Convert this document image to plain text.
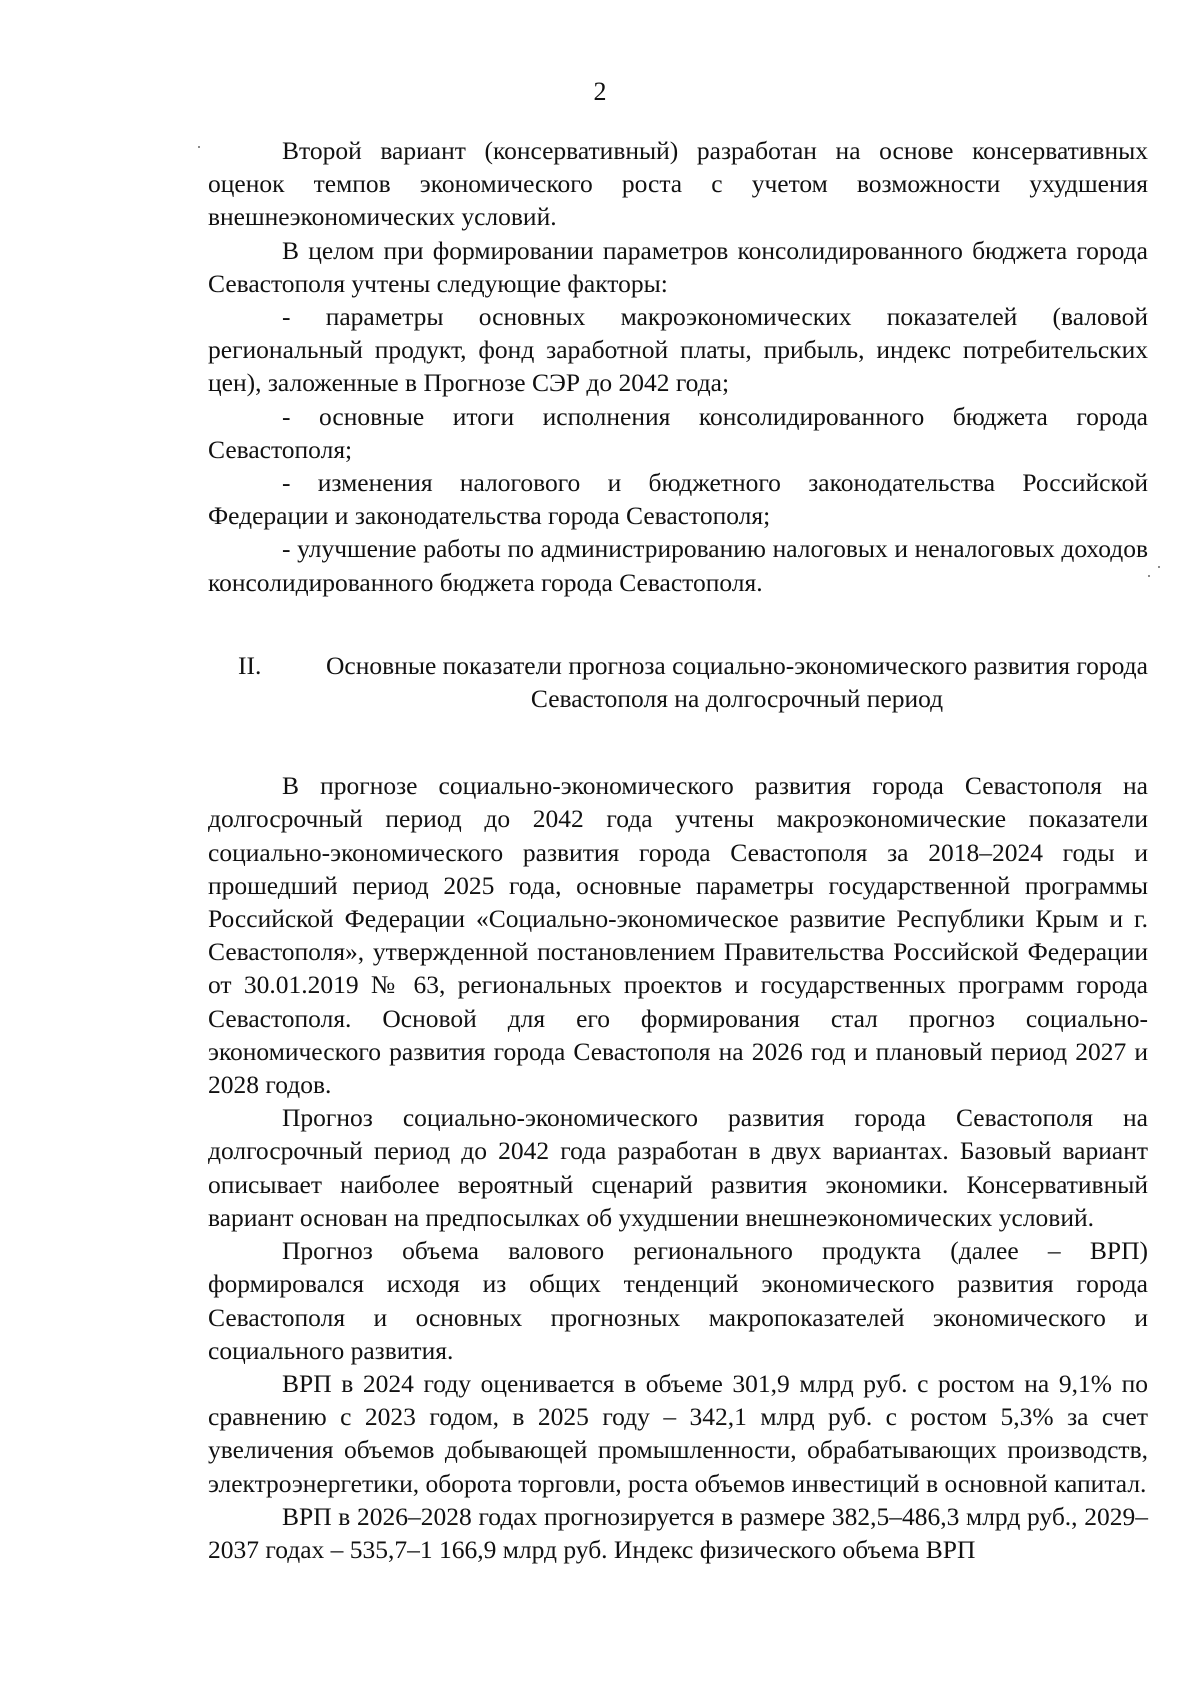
2

Второй вариант (консервативный) разработан на основе консервативных оценок темпов экономического роста с учетом возможности ухудшения внешнеэкономических условий.

В целом при формировании параметров консолидированного бюджета города Севастополя учтены следующие факторы:

- параметры основных макроэкономических показателей (валовой региональный продукт, фонд заработной платы, прибыль, индекс потребительских цен), заложенные в Прогнозе СЭР до 2042 года;

- основные итоги исполнения консолидированного бюджета города Севастополя;

- изменения налогового и бюджетного законодательства Российской Федерации и законодательства города Севастополя;

- улучшение работы по администрированию налоговых и неналоговых доходов консолидированного бюджета города Севастополя.

II.	Основные показатели прогноза социально-экономического развития города Севастополя на долгосрочный период

В прогнозе социально-экономического развития города Севастополя на долгосрочный период до 2042 года учтены макроэкономические показатели социально-экономического развития города Севастополя за 2018–2024 годы и прошедший период 2025 года, основные параметры государственной программы Российской Федерации «Социально-экономическое развитие Республики Крым и г. Севастополя», утвержденной постановлением Правительства Российской Федерации от 30.01.2019 № 63, региональных проектов и государственных программ города Севастополя. Основой для его формирования стал прогноз социально-экономического развития города Севастополя на 2026 год и плановый период 2027 и 2028 годов.

Прогноз социально-экономического развития города Севастополя на долгосрочный период до 2042 года разработан в двух вариантах. Базовый вариант описывает наиболее вероятный сценарий развития экономики. Консервативный вариант основан на предпосылках об ухудшении внешнеэкономических условий.

Прогноз объема валового регионального продукта (далее – ВРП) формировался исходя из общих тенденций экономического развития города Севастополя и основных прогнозных макропоказателей экономического и социального развития.

ВРП в 2024 году оценивается в объеме 301,9 млрд руб. с ростом на 9,1% по сравнению с 2023 годом, в 2025 году – 342,1 млрд руб. с ростом 5,3% за счет увеличения объемов добывающей промышленности, обрабатывающих производств, электроэнергетики, оборота торговли, роста объемов инвестиций в основной капитал.

ВРП в 2026–2028 годах прогнозируется в размере 382,5–486,3 млрд руб., 2029–2037 годах – 535,7–1 166,9 млрд руб. Индекс физического объема ВРП
